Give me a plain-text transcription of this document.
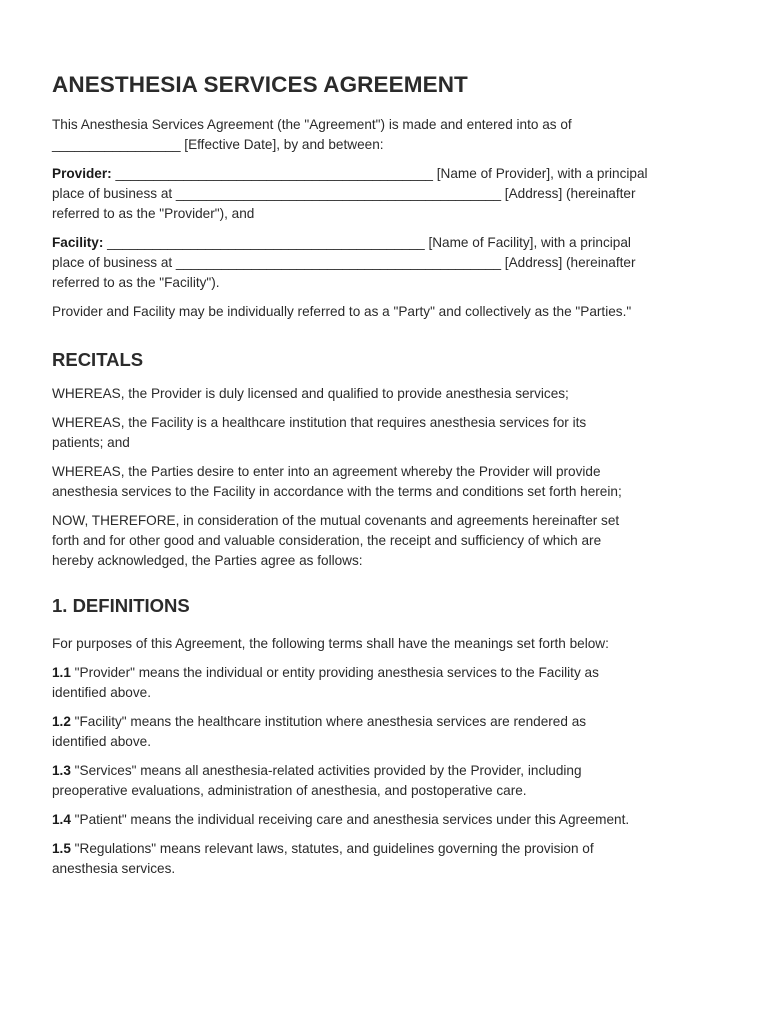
ANESTHESIA SERVICES AGREEMENT

This Anesthesia Services Agreement (the "Agreement") is made and entered into as of
_________________ [Effective Date], by and between:

Provider: __________________________________________ [Name of Provider], with a principal
place of business at ___________________________________________ [Address] (hereinafter
referred to as the "Provider"), and

Facility: __________________________________________ [Name of Facility], with a principal
place of business at ___________________________________________ [Address] (hereinafter
referred to as the "Facility").

Provider and Facility may be individually referred to as a "Party" and collectively as the "Parties."

RECITALS

WHEREAS, the Provider is duly licensed and qualified to provide anesthesia services;

WHEREAS, the Facility is a healthcare institution that requires anesthesia services for its
patients; and

WHEREAS, the Parties desire to enter into an agreement whereby the Provider will provide
anesthesia services to the Facility in accordance with the terms and conditions set forth herein;

NOW, THEREFORE, in consideration of the mutual covenants and agreements hereinafter set
forth and for other good and valuable consideration, the receipt and sufficiency of which are
hereby acknowledged, the Parties agree as follows:

1. DEFINITIONS

For purposes of this Agreement, the following terms shall have the meanings set forth below:

1.1 "Provider" means the individual or entity providing anesthesia services to the Facility as
identified above.

1.2 "Facility" means the healthcare institution where anesthesia services are rendered as
identified above.

1.3 "Services" means all anesthesia-related activities provided by the Provider, including
preoperative evaluations, administration of anesthesia, and postoperative care.

1.4 "Patient" means the individual receiving care and anesthesia services under this Agreement.

1.5 "Regulations" means relevant laws, statutes, and guidelines governing the provision of
anesthesia services.
